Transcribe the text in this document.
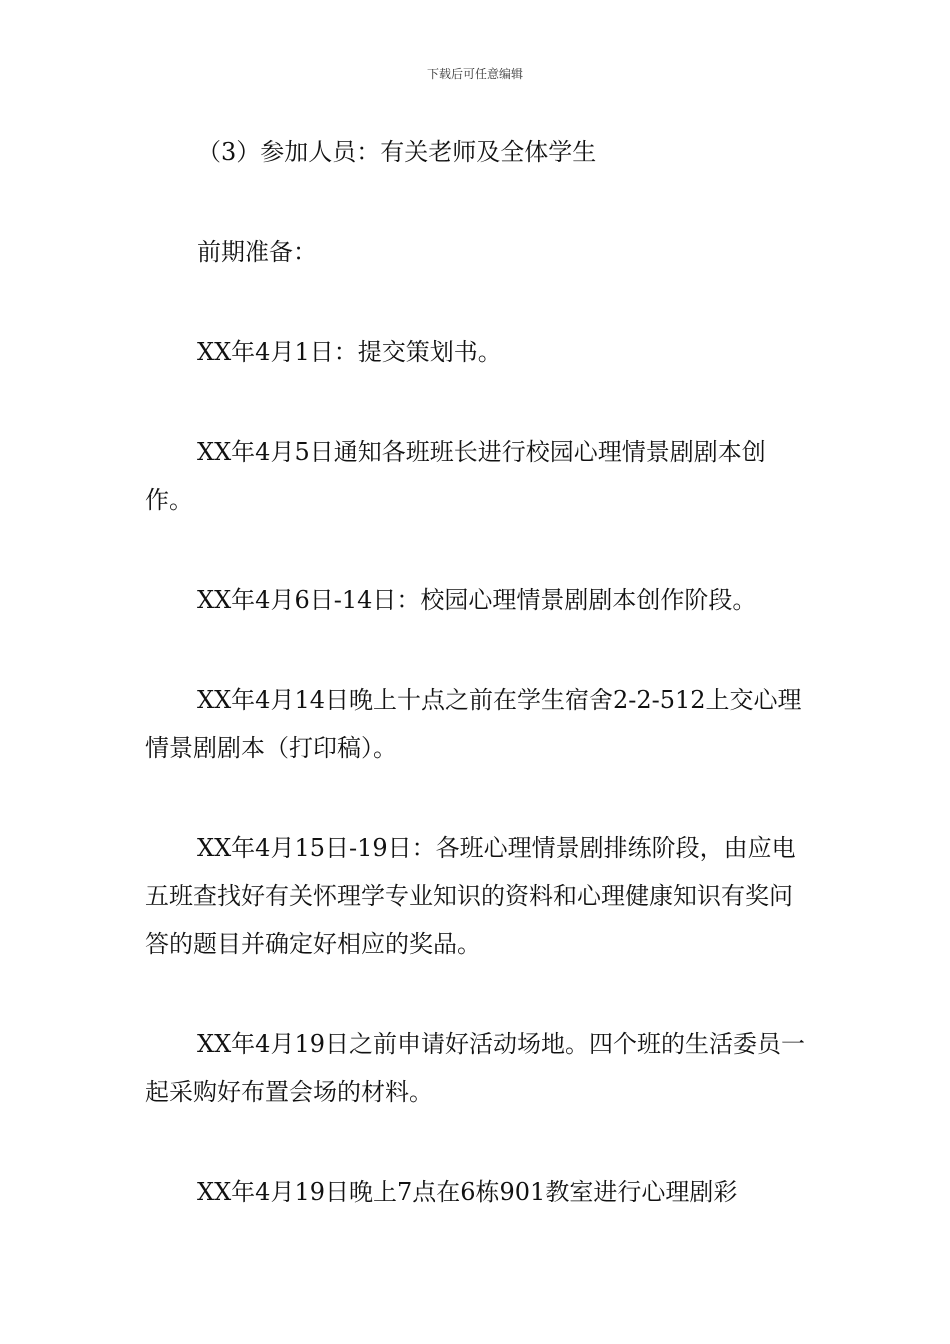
下载后可任意编辑

（3）参加人员：有关老师及全体学生

前期准备：

XX年4月1日：提交策划书。

XX年4月5日通知各班班长进行校园心理情景剧剧本创作。

XX年4月6日-14日：校园心理情景剧剧本创作阶段。

XX年4月14日晚上十点之前在学生宿舍2-2-512上交心理情景剧剧本（打印稿）。

XX年4月15日-19日：各班心理情景剧排练阶段，由应电五班查找好有关怀理学专业知识的资料和心理健康知识有奖问答的题目并确定好相应的奖品。

XX年4月19日之前申请好活动场地。四个班的生活委员一起采购好布置会场的材料。

XX年4月19日晚上7点在6栋901教室进行心理剧彩
